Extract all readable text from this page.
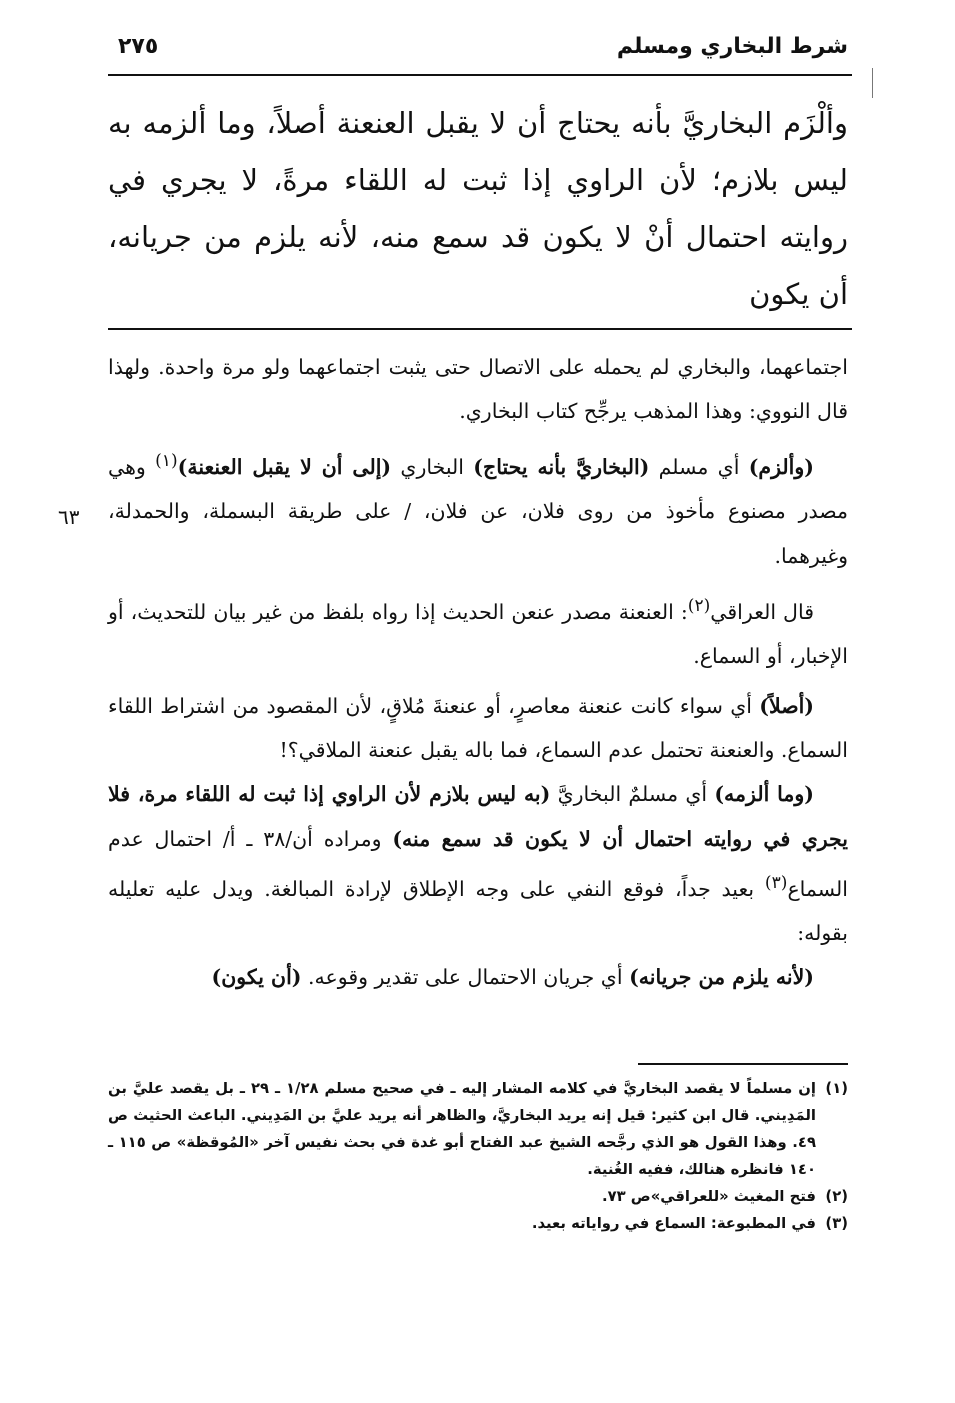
شرط البخاري ومسلم
٢٧٥
وألْزَم البخاريَّ بأنه يحتاج أن لا يقبل العنعنة أصلاً، وما ألزمه به ليس بلازم؛ لأن الراوي إذا ثبت له اللقاء مرةً، لا يجري في روايته احتمال أنْ لا يكون قد سمع منه، لأنه يلزم من جريانه، أن يكون

اجتماعهما، والبخاري لم يحمله على الاتصال حتى يثبت اجتماعهما ولو مرة واحدة. ولهذا قال النووي: وهذا المذهب يرجِّح كتاب البخاري.

(وألزم) أي مسلم (البخاريَّ بأنه يحتاج) البخاري (إلى أن لا يقبل العنعنة)$^{(١)}$ وهي مصدر مصنوع مأخوذ من روى فلان، عن فلان، / على طريقة البسملة، والحمدلة، وغيرهما.

قال العراقي$^{(٢)}$: العنعنة مصدر عنعن الحديث إذا رواه بلفظ من غير بيان للتحديث، أو الإخبار، أو السماع.

(أصلاً) أي سواء كانت عنعنة معاصرٍ، أو عنعنةَ مُلاقٍ، لأن المقصود من اشتراط اللقاء السماع. والعنعنة تحتمل عدم السماع، فما باله يقبل عنعنة الملاقي؟!

(وما ألزمه) أي مسلمٌ البخاريَّ (به ليس بلازم لأن الراوي إذا ثبت له اللقاء مرة، فلا يجري في روايته احتمال أن لا يكون قد سمع منه) ومراده أن/٣٨ ـ أ/ احتمال عدم السماع$^{(٣)}$ بعيد جداً، فوقع النفي على وجه الإطلاق لإرادة المبالغة. ويدل عليه تعليله بقوله:

(لأنه يلزم من جريانه) أي جريان الاحتمال على تقدير وقوعه. (أن يكون)

٦٣
(١)
إن مسلماً لا يقصد البخاريَّ في كلامه المشار إليه ـ في صحيح مسلم ١/٢٨ ـ ٢٩ ـ بل يقصد عليَّ بن المَدِيني. قال ابن كثير: قيل إنه يريد البخاريَّ، والظاهر أنه يريد عليَّ بن المَدِيني. الباعث الحثيث ص ٤٩. وهذا القول هو الذي رجَّحه الشيخ عبد الفتاح أبو غدة في بحث نفيس آخر «المُوقظة» ص ١١٥ ـ ١٤٠ فانظره هنالك، ففيه الغُنية.
(٢)
فتح المغيث «للعراقي»ص ٧٣.
(٣)
في المطبوعة: السماع في رواياته بعيد.
